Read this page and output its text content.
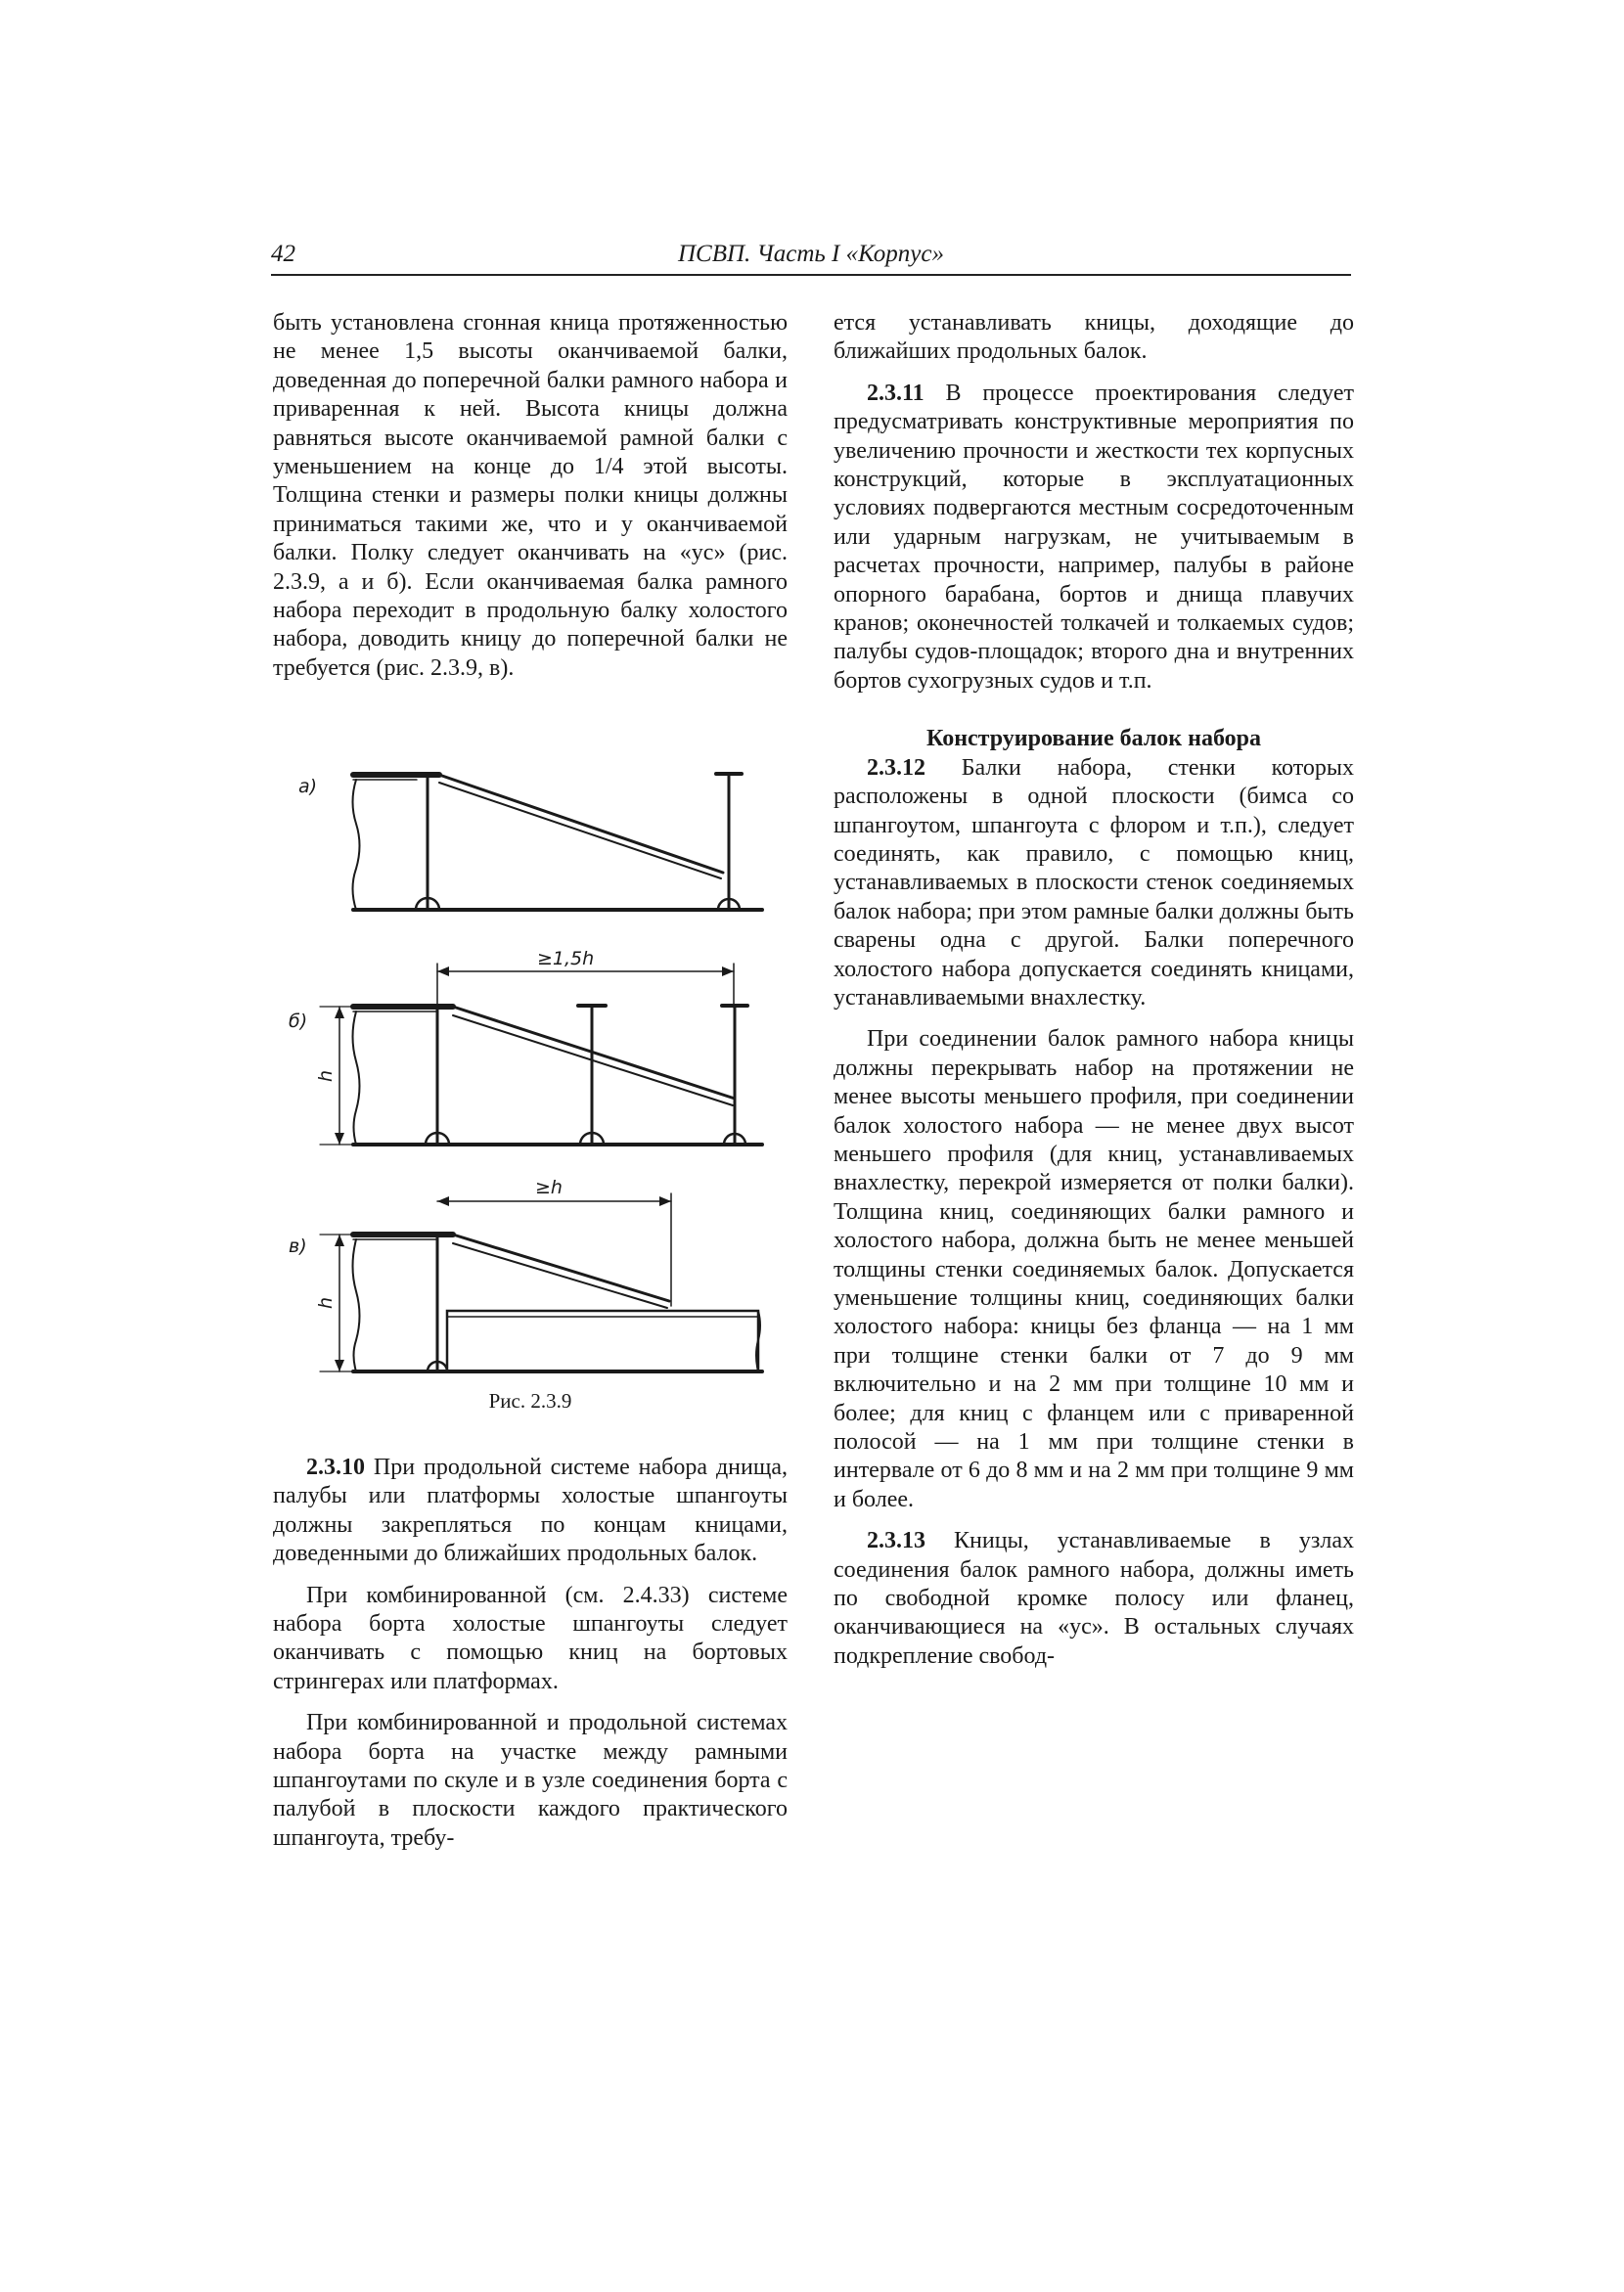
42	ПСВП. Часть I «Корпус»

быть установлена сгонная кница протяженностью не менее 1,5 высоты оканчиваемой балки, доведенная до поперечной балки рамного набора и приваренная к ней. Высота кницы должна равняться высоте оканчиваемой рамной балки с уменьшением на конце до 1/4 этой высоты. Толщина стенки и размеры полки кницы должны приниматься такими же, что и у оканчиваемой балки. Полку следует оканчивать на «ус» (рис. 2.3.9, а и б). Если оканчиваемая балка рамного набора переходит в продольную балку холостого набора, доводить кницу до поперечной балки не требуется (рис. 2.3.9, в).

а)
б)
в)
≥1,5h
≥h
h
h
Рис. 2.3.9

2.3.10 При продольной системе набора днища, палубы или платформы холостые шпангоуты должны закрепляться по концам кницами, доведенными до ближайших продольных балок.

При комбинированной (см. 2.4.33) системе набора борта холостые шпангоуты следует оканчивать с помощью книц на бортовых стрингерах или платформах.

При комбинированной и продольной системах набора борта на участке между рамными шпангоутами по скуле и в узле соединения борта с палубой в плоскости каждого практического шпангоута, требу-

ется устанавливать кницы, доходящие до ближайших продольных балок.

2.3.11 В процессе проектирования следует предусматривать конструктивные мероприятия по увеличению прочности и жесткости тех корпусных конструкций, которые в эксплуатационных условиях подвергаются местным сосредоточенным или ударным нагрузкам, не учитываемым в расчетах прочности, например, палубы в районе опорного барабана, бортов и днища плавучих кранов; оконечностей толкачей и толкаемых судов; палубы судов-площадок; второго дна и внутренних бортов сухогрузных судов и т.п.

Конструирование балок набора

2.3.12 Балки набора, стенки которых расположены в одной плоскости (бимса со шпангоутом, шпангоута с флором и т.п.), следует соединять, как правило, с помощью книц, устанавливаемых в плоскости стенок соединяемых балок набора; при этом рамные балки должны быть сварены одна с другой. Балки поперечного холостого набора допускается соединять кницами, устанавливаемыми внахлестку.

При соединении балок рамного набора кницы должны перекрывать набор на протяжении не менее высоты меньшего профиля, при соединении балок холостого набора — не менее двух высот меньшего профиля (для книц, устанавливаемых внахлестку, перекрой измеряется от полки балки). Толщина книц, соединяющих балки рамного и холостого набора, должна быть не менее меньшей толщины стенки соединяемых балок. Допускается уменьшение толщины книц, соединяющих балки холостого набора: кницы без фланца — на 1 мм при толщине стенки балки от 7 до 9 мм включительно и на 2 мм при толщине 10 мм и более; для книц с фланцем или с приваренной полосой — на 1 мм при толщине стенки в интервале от 6 до 8 мм и на 2 мм при толщине 9 мм и более.

2.3.13 Кницы, устанавливаемые в узлах соединения балок рамного набора, должны иметь по свободной кромке полосу или фланец, оканчивающиеся на «ус». В остальных случаях подкрепление свобод-
